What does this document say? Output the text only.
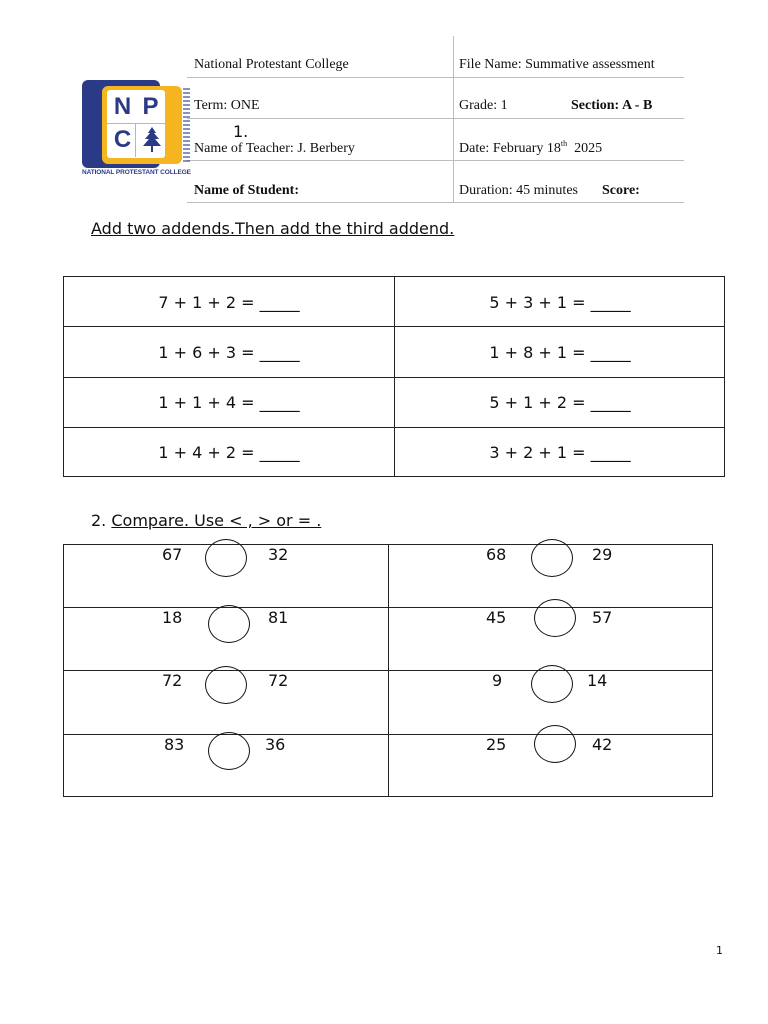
National Protestant College	File Name: Summative assessment
Term: ONE	Grade: 1	Section: A - B
Name of Teacher: J. Berbery	Date: February 18th  2025
Name of Student:	Duration: 45 minutes Score:
N P
C
NATIONAL PROTESTANT COLLEGE
1.
Add two addends.Then add the third addend.
7 + 1 + 2 = _____	5 + 3 + 1 = _____
1 + 6 + 3 = _____	1 + 8 + 1 = _____
1 + 1 + 4 = _____	5 + 1 + 2 = _____
1 + 4 + 2 = _____	3 + 2 + 1 = _____
2. Compare. Use < , > or = .
67	32	68	29
18	81	45	57
72	72	9	14
83	36	25	42
1
